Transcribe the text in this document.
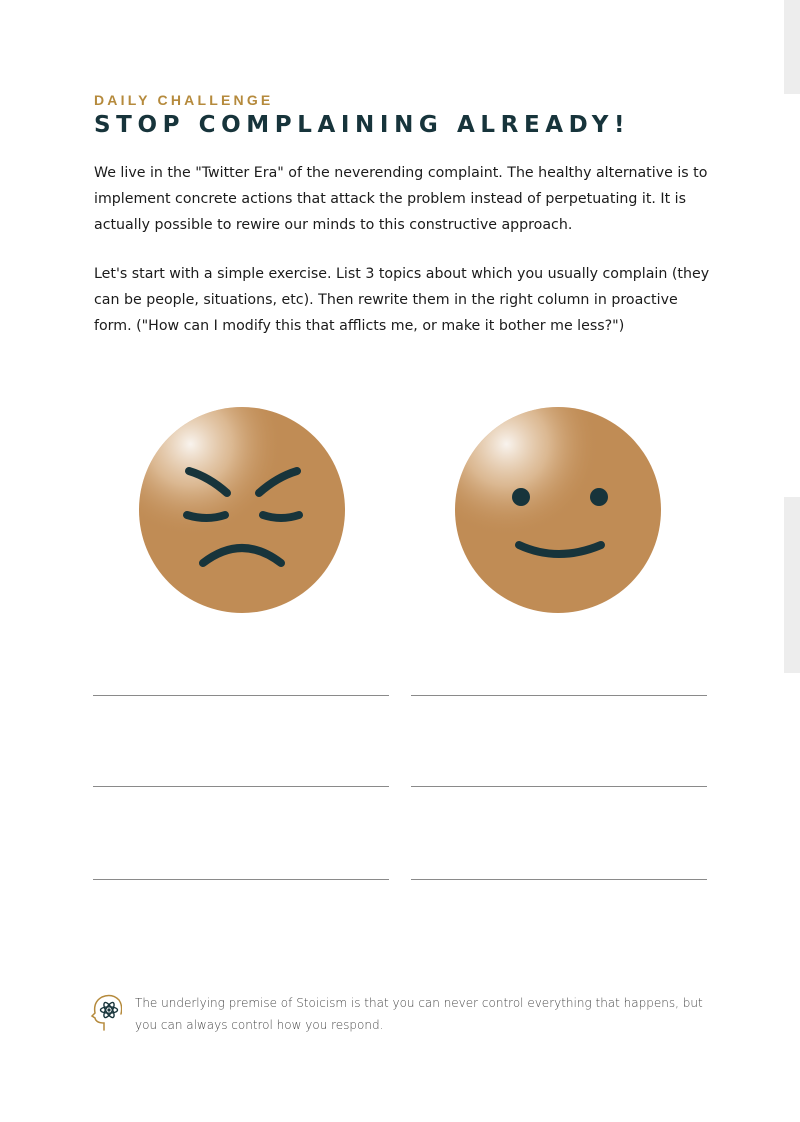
DAILY CHALLENGE

STOP COMPLAINING ALREADY!

We live in the "Twitter Era" of the neverending complaint. The healthy alternative is to implement concrete actions that attack the problem instead of perpetuating it. It is actually possible to rewire our minds to this constructive approach.

Let's start with a simple exercise. List 3 topics about which you usually complain (they can be people, situations, etc). Then rewrite them in the right column in proactive form. ("How can I modify this that afflicts me, or make it bother me less?")

The underlying premise of Stoicism is that you can never control everything that happens, but you can always control how you respond.
